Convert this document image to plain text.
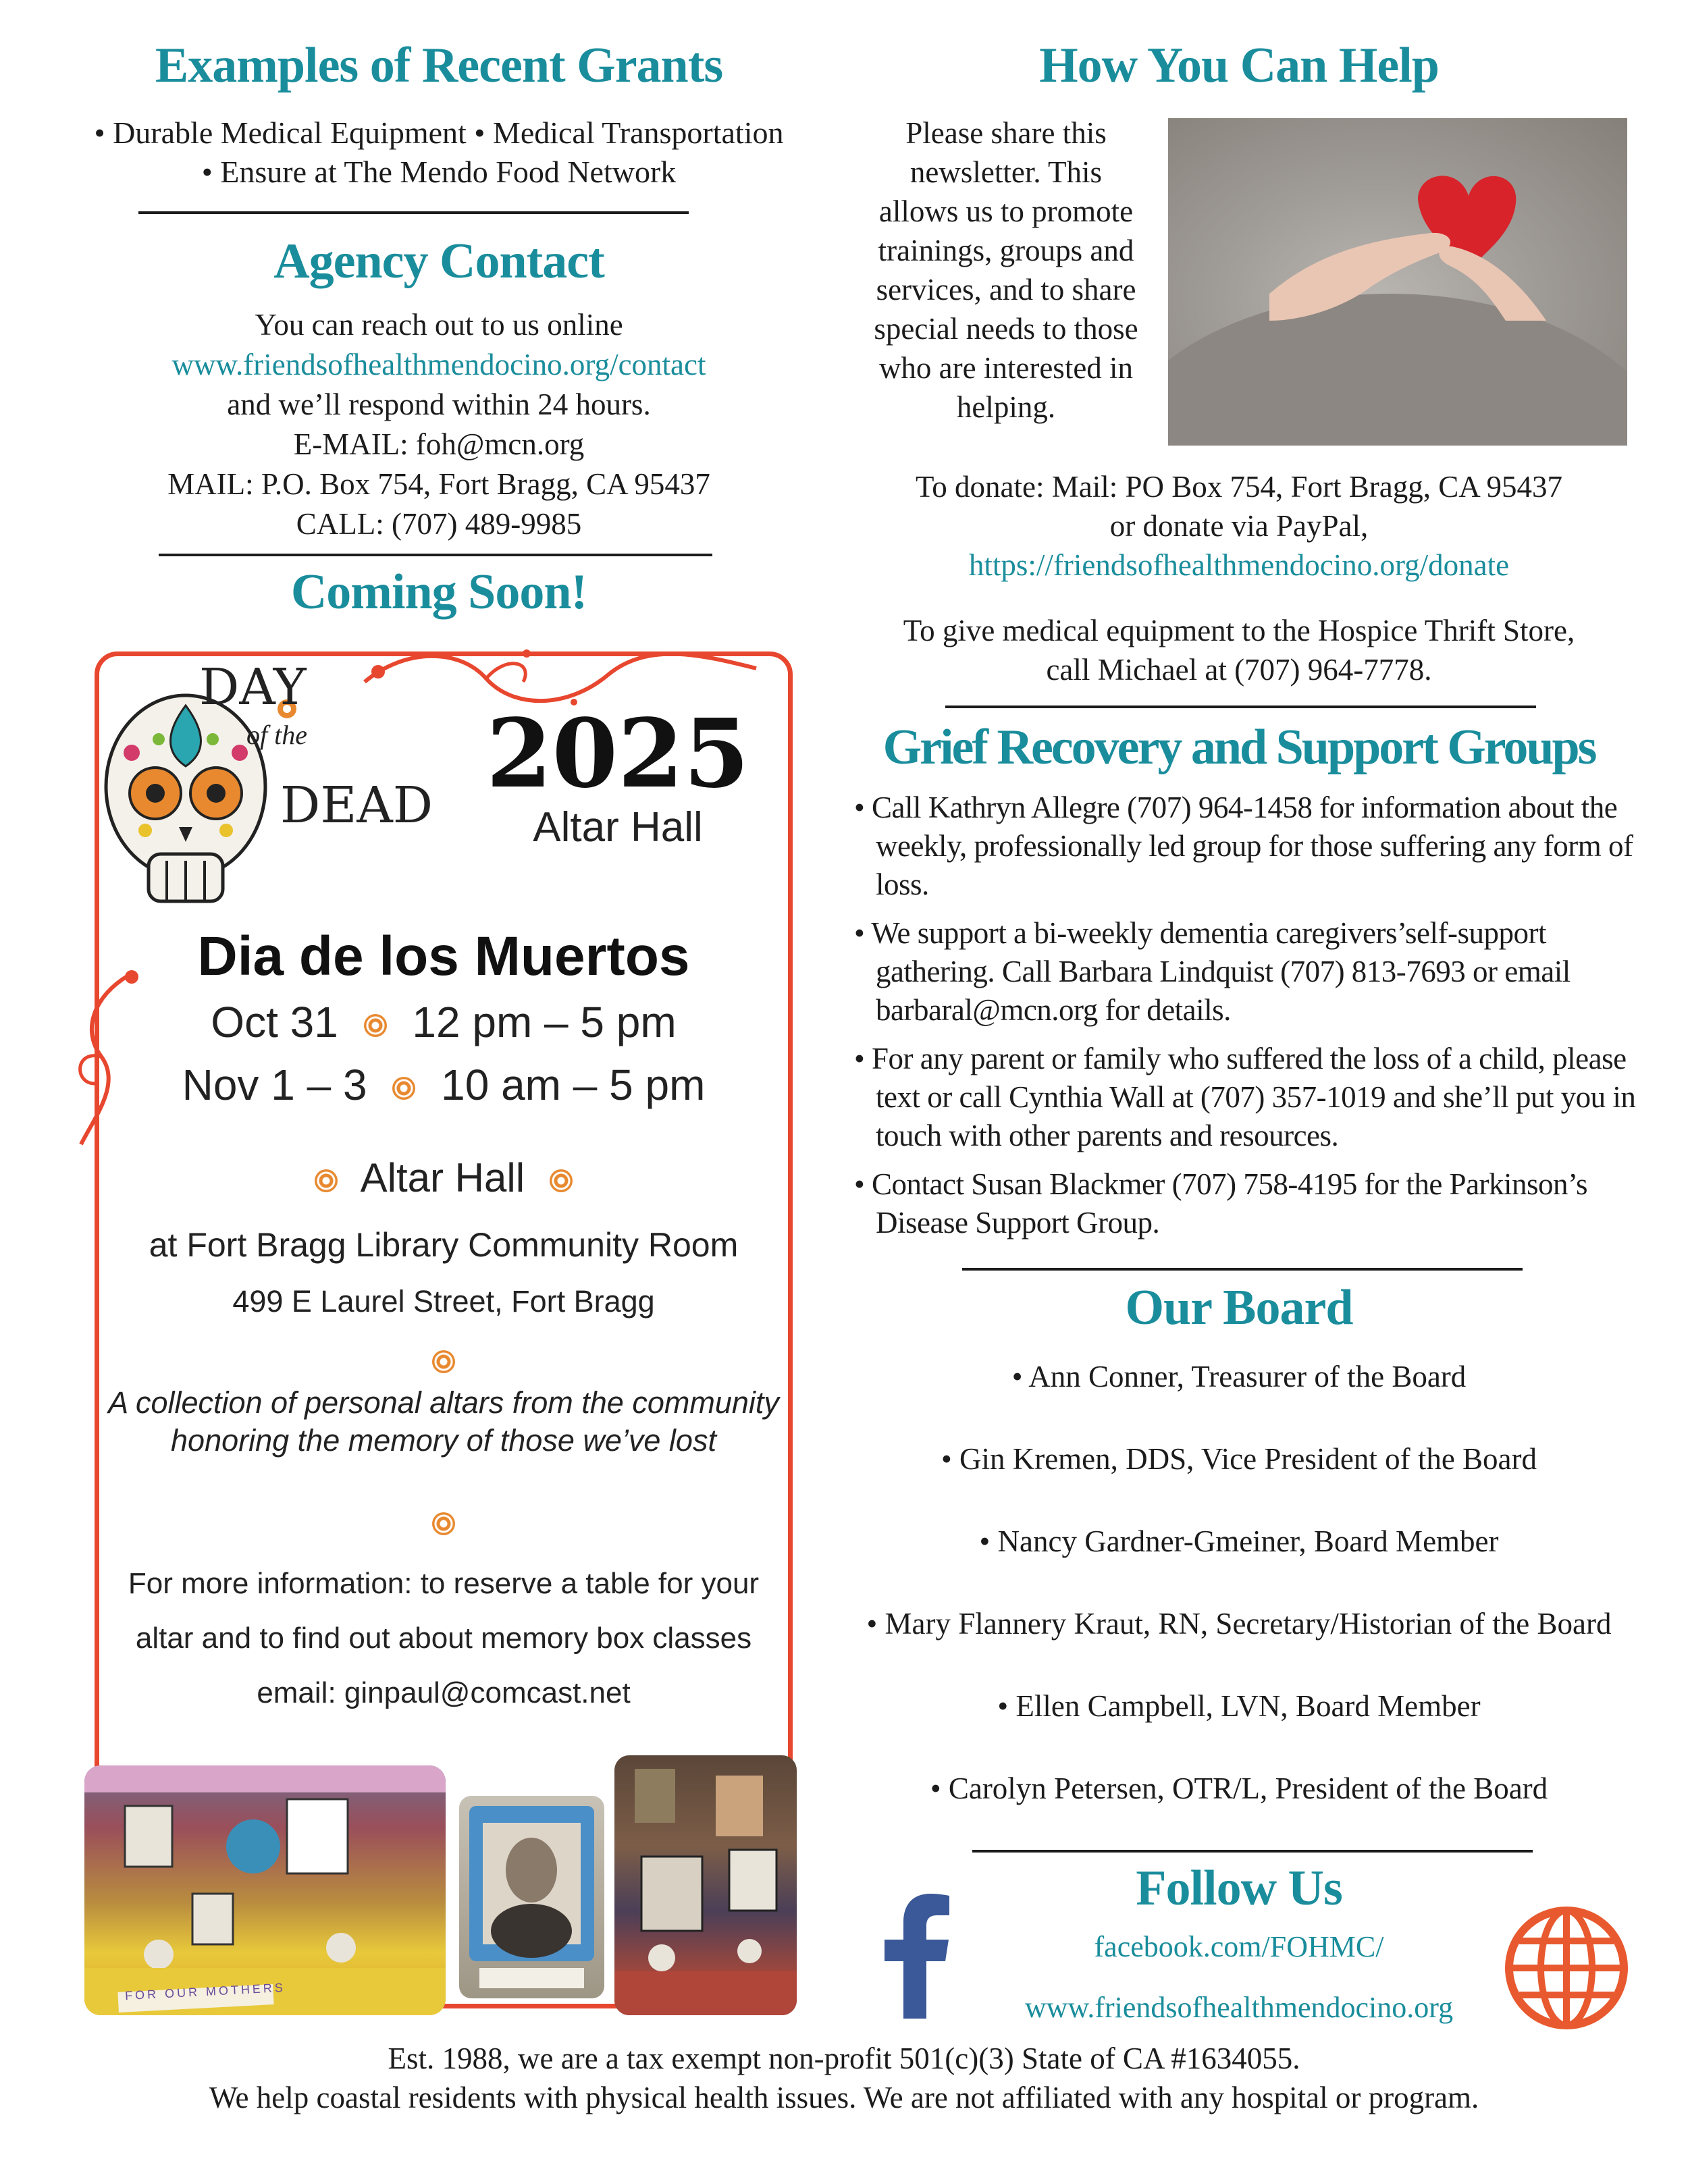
Examples of Recent Grants
• Durable Medical Equipment • Medical Transportation
• Ensure at The Mendo Food Network
Agency Contact
You can reach out to us online
www.friendsofhealthmendocino.org/contact
and we’ll respond within 24 hours.
E-MAIL: foh@mcn.org
MAIL: P.O. Box 754, Fort Bragg, CA 95437
CALL: (707) 489-9985
Coming Soon!
DAY
of the
DEAD 2025
Altar Hall
Dia de los Muertos
Oct 31 12 pm – 5 pm
Nov 1 – 3 10 am – 5 pm
Altar Hall
at Fort Bragg Library Community Room
499 E Laurel Street, Fort Bragg
A collection of personal altars from the community
honoring the memory of those we’ve lost
For more information: to reserve a table for your
altar and to find out about memory box classes
email: ginpaul@comcast.net
FOR OUR MOTHERS
How You Can Help
Please share this
newsletter. This
allows us to promote
trainings, groups and
services, and to share
special needs to those
who are interested in
helping.
To donate: Mail: PO Box 754, Fort Bragg, CA 95437
or donate via PayPal,
https://friendsofhealthmendocino.org/donate
To give medical equipment to the Hospice Thrift Store,
call Michael at (707) 964-7778.
Grief Recovery and Support Groups
• Call Kathryn Allegre (707) 964-1458 for information about the weekly, professionally led group for those suffering any form of loss.
• We support a bi-weekly dementia caregivers’self-support gathering. Call Barbara Lindquist (707) 813-7693 or email barbaral@mcn.org for details.
• For any parent or family who suffered the loss of a child, please text or call Cynthia Wall at (707) 357-1019 and she’ll put you in touch with other parents and resources.
• Contact Susan Blackmer (707) 758-4195 for the Parkinson’s Disease Support Group.
Our Board
• Ann Conner, Treasurer of the Board
• Gin Kremen, DDS, Vice President of the Board
• Nancy Gardner-Gmeiner, Board Member
• Mary Flannery Kraut, RN, Secretary/Historian of the Board
• Ellen Campbell, LVN, Board Member
• Carolyn Petersen, OTR/L, President of the Board
Follow Us
facebook.com/FOHMC/
www.friendsofhealthmendocino.org
Est. 1988, we are a tax exempt non-profit 501(c)(3) State of CA #1634055.
We help coastal residents with physical health issues. We are not affiliated with any hospital or program.
